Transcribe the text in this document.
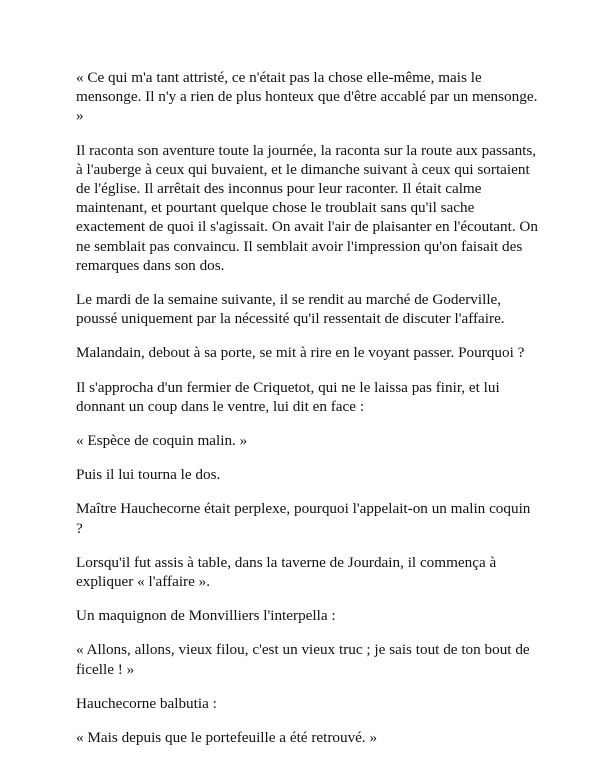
« Ce qui m'a tant attristé, ce n'était pas la chose elle-même, mais le mensonge. Il n'y a rien de plus honteux que d'être accablé par un mensonge. »

Il raconta son aventure toute la journée, la raconta sur la route aux passants, à l'auberge à ceux qui buvaient, et le dimanche suivant à ceux qui sortaient de l'église. Il arrêtait des inconnus pour leur raconter. Il était calme maintenant, et pourtant quelque chose le troublait sans qu'il sache exactement de quoi il s'agissait. On avait l'air de plaisanter en l'écoutant. On ne semblait pas convaincu. Il semblait avoir l'impression qu'on faisait des remarques dans son dos.

Le mardi de la semaine suivante, il se rendit au marché de Goderville, poussé uniquement par la nécessité qu'il ressentait de discuter l'affaire.

Malandain, debout à sa porte, se mit à rire en le voyant passer. Pourquoi ?

Il s'approcha d'un fermier de Criquetot, qui ne le laissa pas finir, et lui donnant un coup dans le ventre, lui dit en face :

« Espèce de coquin malin. »

Puis il lui tourna le dos.

Maître Hauchecorne était perplexe, pourquoi l'appelait-on un malin coquin ?

Lorsqu'il fut assis à table, dans la taverne de Jourdain, il commença à expliquer « l'affaire ».

Un maquignon de Monvilliers l'interpella :

« Allons, allons, vieux filou, c'est un vieux truc ; je sais tout de ton bout de ficelle ! »

Hauchecorne balbutia :

« Mais depuis que le portefeuille a été retrouvé. »
